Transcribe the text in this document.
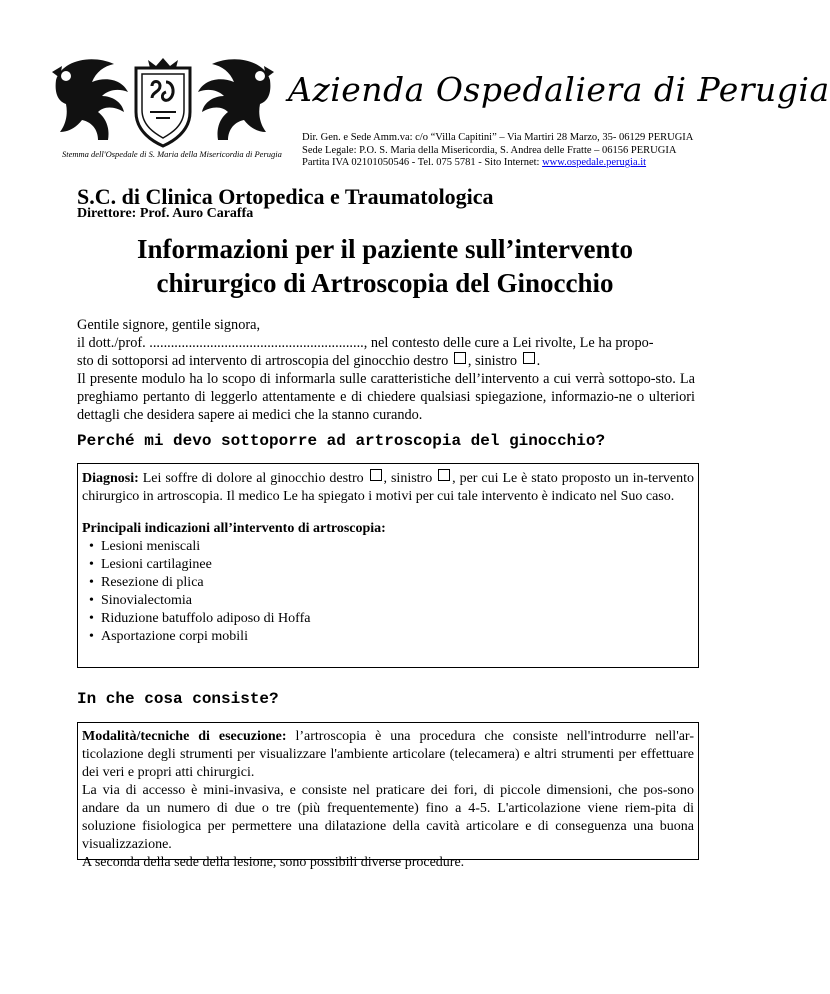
Stemma dell'Ospedale di S. Maria della Misericordia di Perugia
Azienda Ospedaliera di Perugia
Dir. Gen. e Sede Amm.va: c/o “Villa Capitini” – Via Martiri 28 Marzo, 35- 06129 PERUGIA
Sede Legale: P.O. S. Maria della Misericordia, S. Andrea delle Fratte – 06156 PERUGIA
Partita IVA 02101050546 - Tel. 075 5781 - Sito Internet: www.ospedale.perugia.it
S.C. di Clinica Ortopedica e Traumatologica
Direttore: Prof. Auro Caraffa
Informazioni per il paziente sull’intervento
chirurgico di Artroscopia del Ginocchio
Gentile signore, gentile signora,
il dott./prof. ............................................................, nel contesto delle cure a Lei rivolte, Le ha propo-
sto di sottoporsi ad intervento di artroscopia del ginocchio destro , sinistro .
Il presente modulo ha lo scopo di informarla sulle caratteristiche dell’intervento a cui verrà sottopo-sto. La preghiamo pertanto di leggerlo attentamente e di chiedere qualsiasi spiegazione, informazio-ne o ulteriori dettagli che desidera sapere ai medici che la stanno curando.
Perché mi devo sottoporre ad artroscopia del ginocchio?
Diagnosi: Lei soffre di dolore al ginocchio destro , sinistro , per cui Le è stato proposto un in-tervento chirurgico in artroscopia. Il medico Le ha spiegato i motivi per cui tale intervento è indicato nel Suo caso.
Principali indicazioni all’intervento di artroscopia:
• Lesioni meniscali
• Lesioni cartilaginee
• Resezione di plica
• Sinovialectomia
• Riduzione batuffolo adiposo di Hoffa
• Asportazione corpi mobili
In che cosa consiste?
Modalità/tecniche di esecuzione: l’artroscopia è una procedura che consiste nell'introdurre nell'ar-ticolazione degli strumenti per visualizzare l'ambiente articolare (telecamera) e altri strumenti per effettuare dei veri e propri atti chirurgici.
La via di accesso è mini-invasiva, e consiste nel praticare dei fori, di piccole dimensioni, che pos-sono andare da un numero di due o tre (più frequentemente) fino a 4-5. L'articolazione viene riem-pita di soluzione fisiologica per permettere una dilatazione della cavità articolare e di conseguenza una buona visualizzazione.
A seconda della sede della lesione, sono possibili diverse procedure.
